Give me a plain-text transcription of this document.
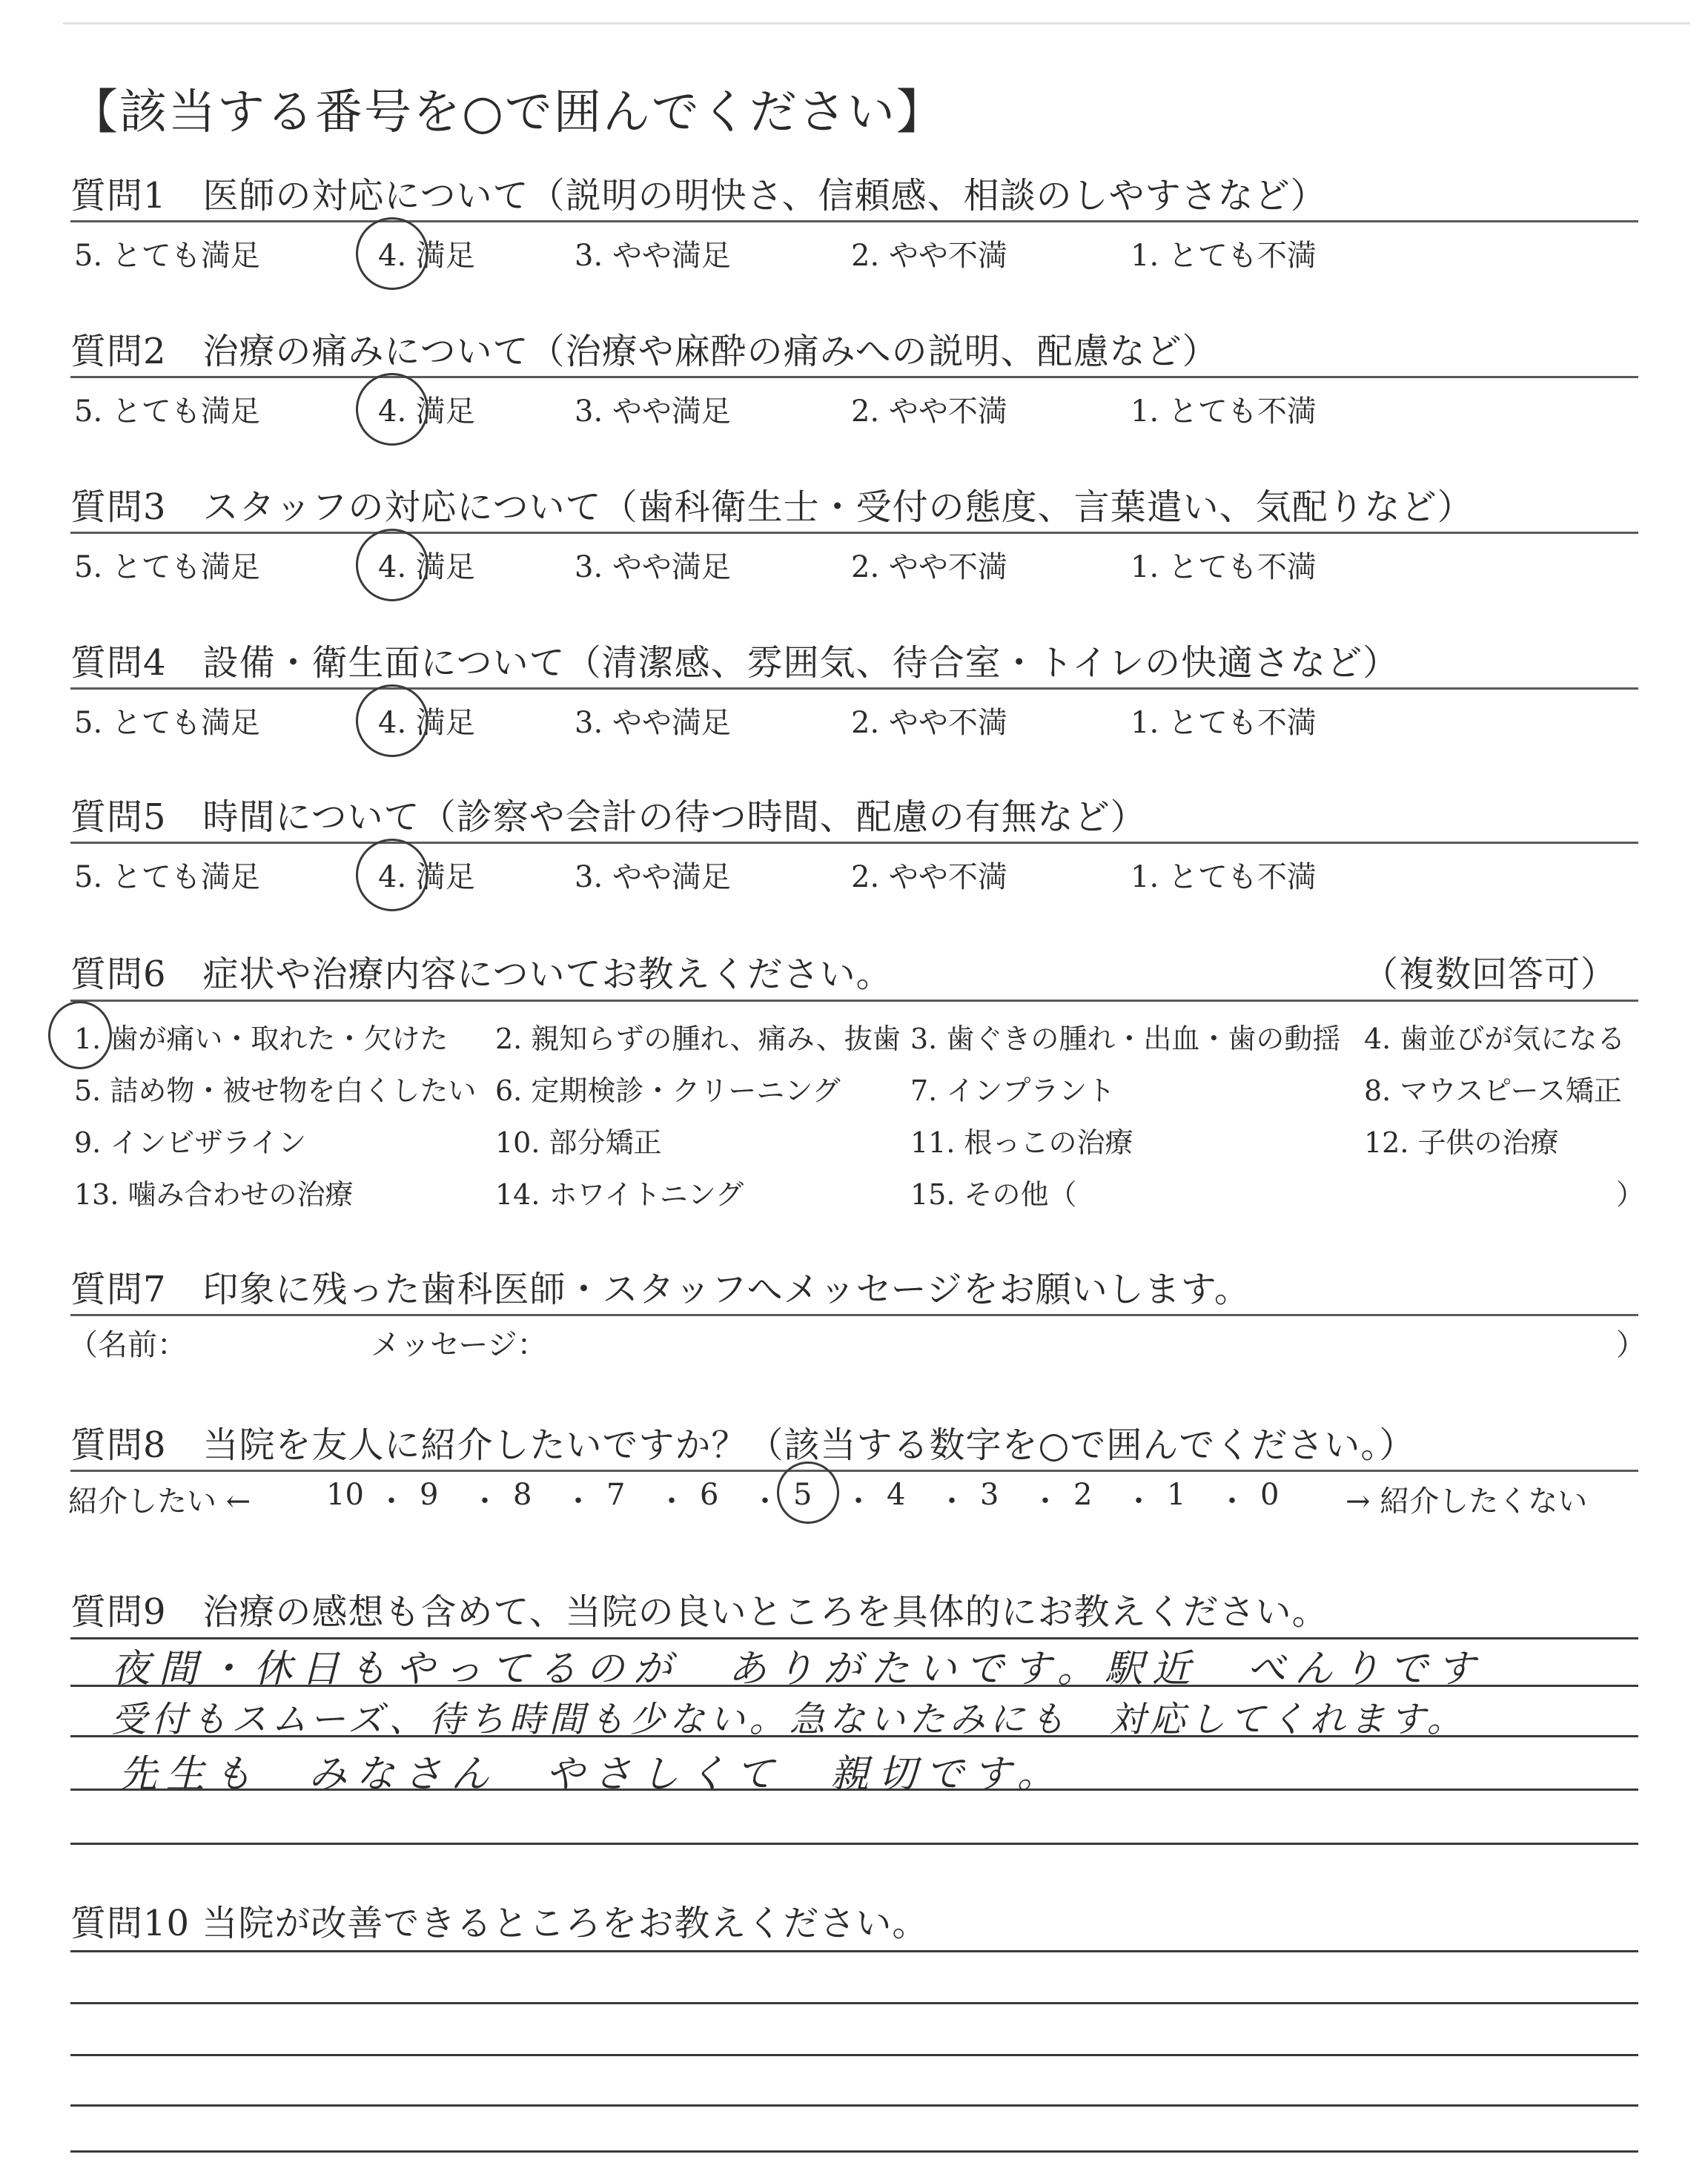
【該当する番号を○で囲んでください】
質問1　医師の対応について（説明の明快さ、信頼感、相談のしやすさなど）
5. とても満足	4. 満足	3. やや満足	2. やや不満	1. とても不満
質問2　治療の痛みについて（治療や麻酔の痛みへの説明、配慮など）
5. とても満足	4. 満足	3. やや満足	2. やや不満	1. とても不満
質問3　スタッフの対応について（歯科衛生士・受付の態度、言葉遣い、気配りなど）
5. とても満足	4. 満足	3. やや満足	2. やや不満	1. とても不満
質問4　設備・衛生面について（清潔感、雰囲気、待合室・トイレの快適さなど）
5. とても満足	4. 満足	3. やや満足	2. やや不満	1. とても不満
質問5　時間について（診察や会計の待つ時間、配慮の有無など）
5. とても満足	4. 満足	3. やや満足	2. やや不満	1. とても不満
質問6　症状や治療内容についてお教えください。	（複数回答可）
1. 歯が痛い・取れた・欠けた 2. 親知らずの腫れ、痛み、抜歯 3. 歯ぐきの腫れ・出血・歯の動揺 4. 歯並びが気になる
5. 詰め物・被せ物を白くしたい 6. 定期検診・クリーニング 7. インプラント	8. マウスピース矯正
9. インビザライン	10. 部分矯正	11. 根っこの治療	12. 子供の治療
13. 噛み合わせの治療	14. ホワイトニング	15. その他（	）
質問7　印象に残った歯科医師・スタッフへメッセージをお願いします。
（名前：	メッセージ：	）
質問8　当院を友人に紹介したいですか？（該当する数字を○で囲んでください。）
紹介したい ←	10 ・ 9 ・ 8 ・ 7 ・ 6 ・ 5 ・ 4 ・ 3 ・ 2 ・ 1 ・ 0 → 紹介したくない
質問9　治療の感想も含めて、当院の良いところを具体的にお教えください。
夜間・休日もやってるのが　ありがたいです。駅近　べんりです
受付もスムーズ、待ち時間も少ない。急ないたみにも　対応してくれます。
先生も　みなさん　やさしくて　親切です。
質問10 当院が改善できるところをお教えください。
